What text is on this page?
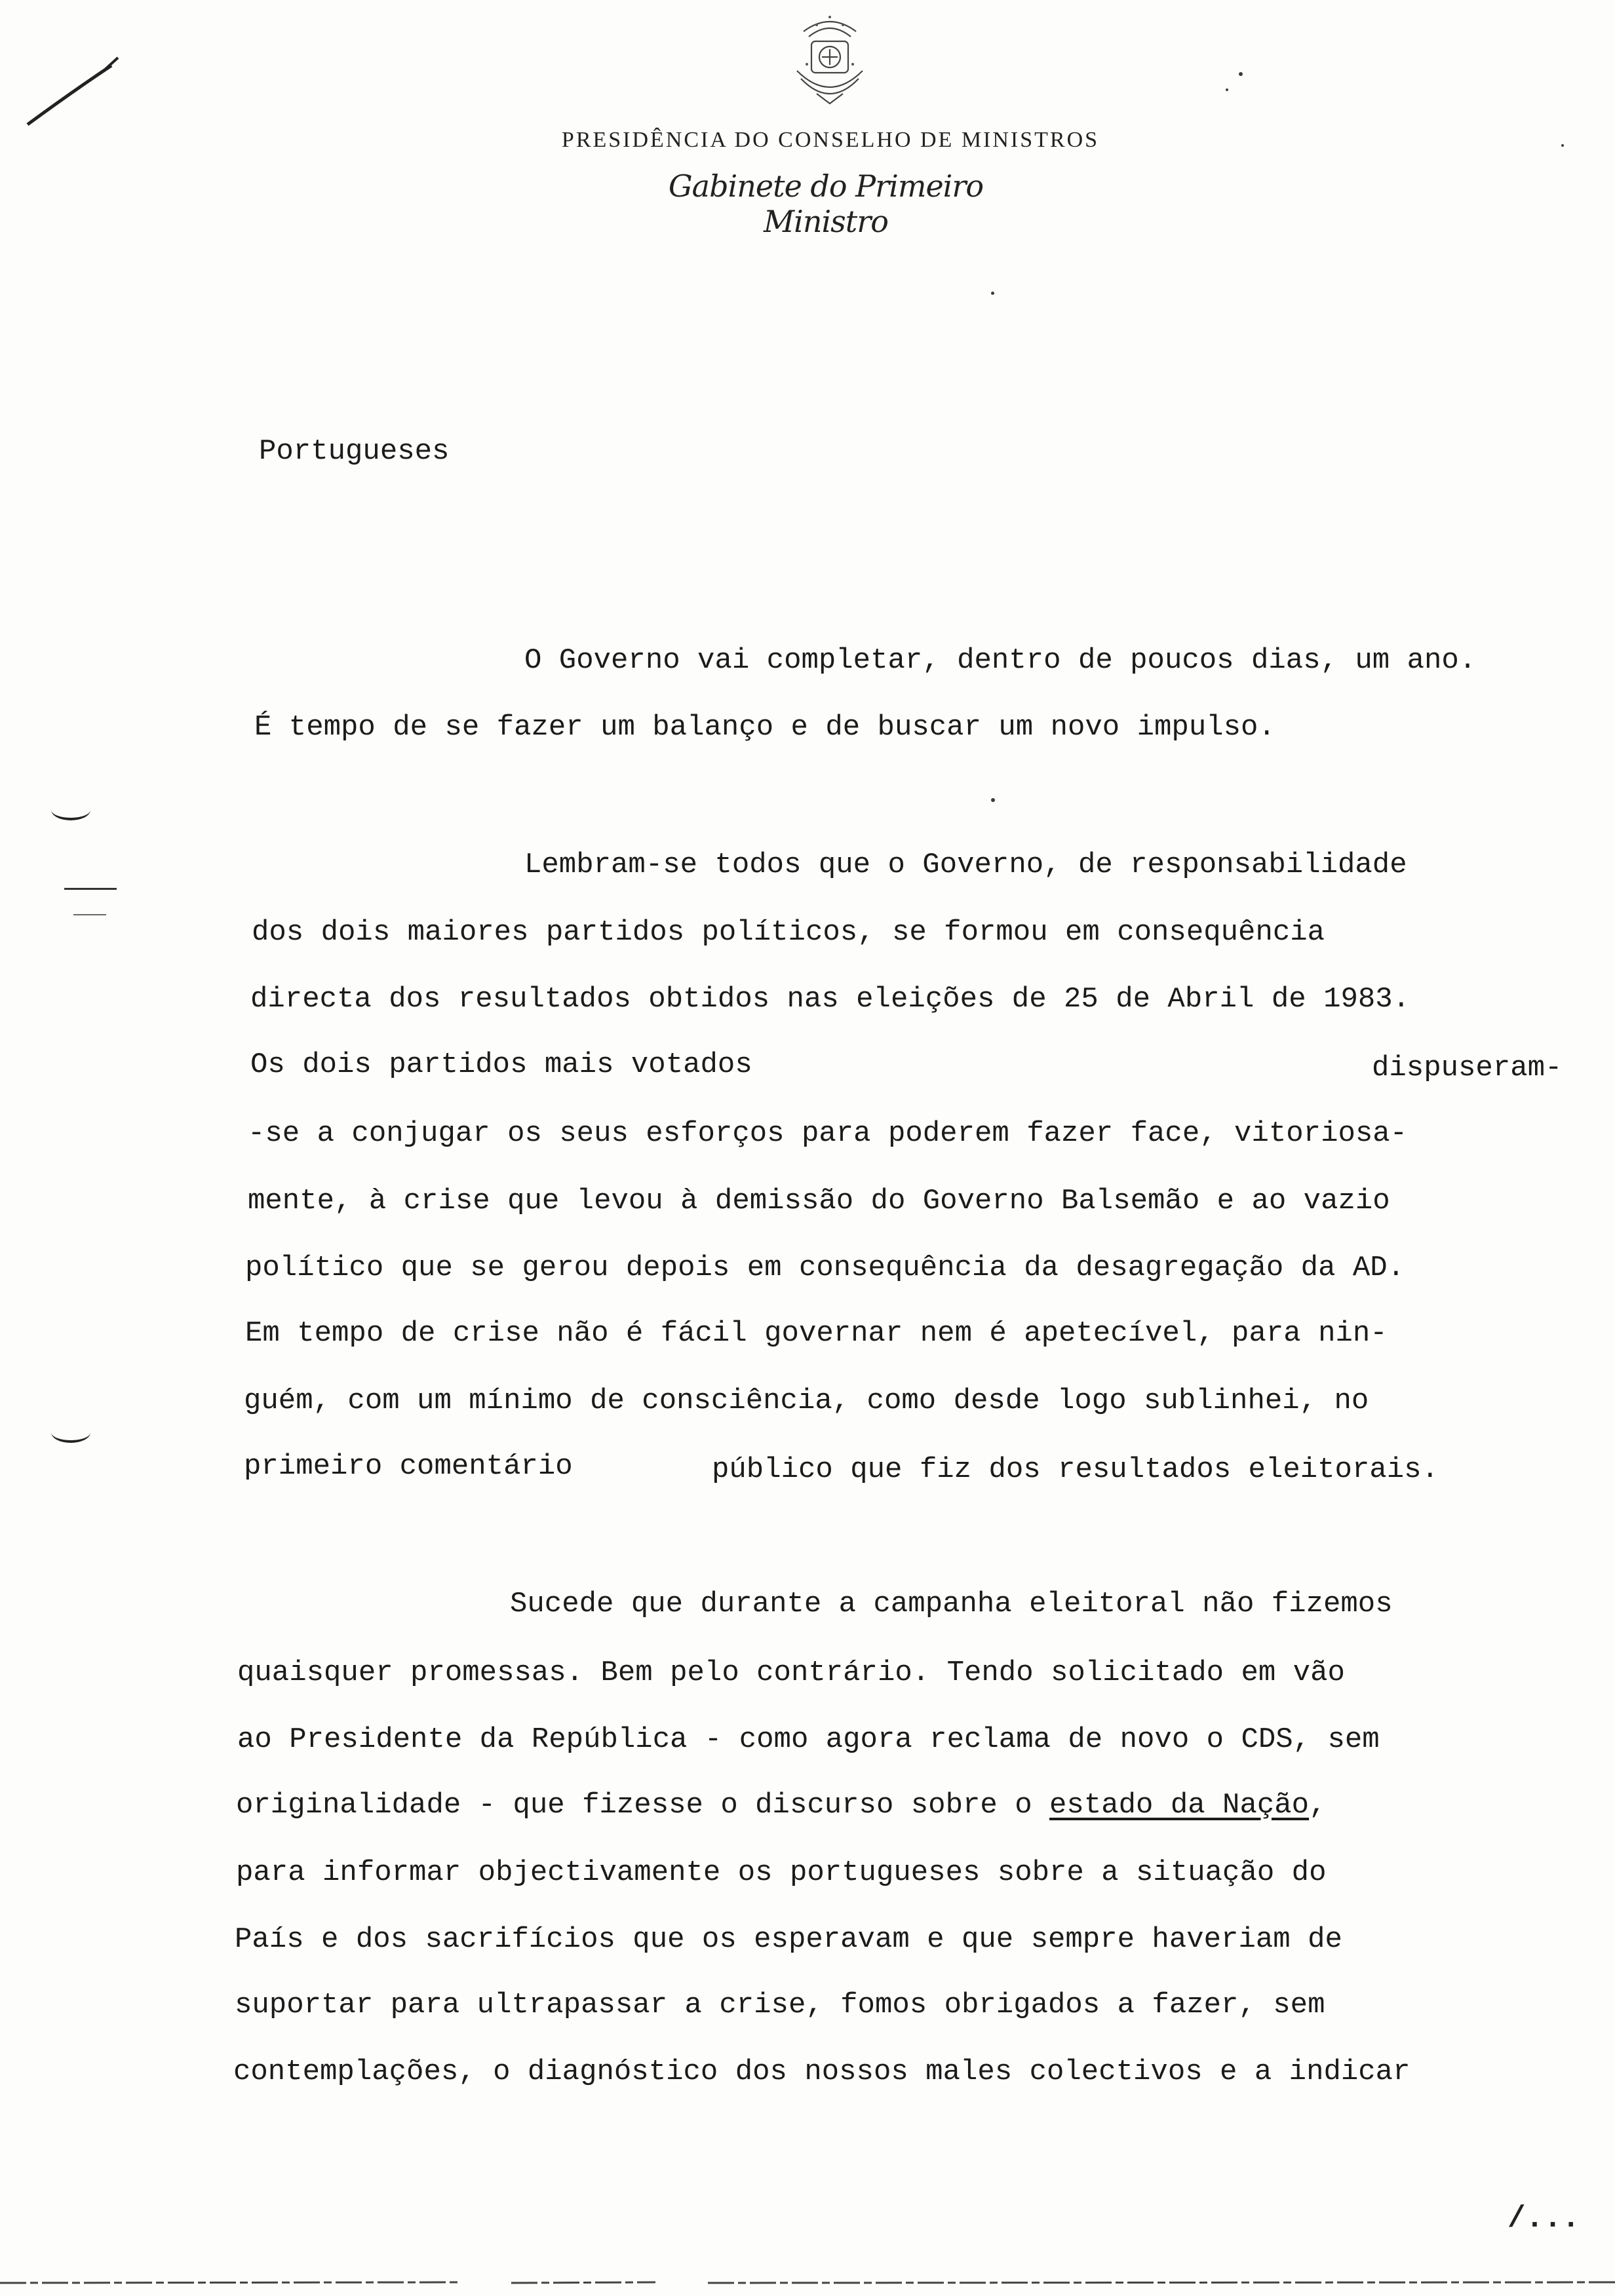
PRESIDÊNCIA DO CONSELHO DE MINISTROS
Gabinete do Primeiro Ministro
Portugueses
O Governo vai completar, dentro de poucos dias, um ano.
É tempo de se fazer um balanço e de buscar um novo impulso.
Lembram-se todos que o Governo, de responsabilidade
dos dois maiores partidos políticos, se formou em consequência
directa dos resultados obtidos nas eleições de 25 de Abril de 1983.
Os dois partidos mais votados	dispuseram-
-se a conjugar os seus esforços para poderem fazer face, vitoriosa-
mente, à crise que levou à demissão do Governo Balsemão e ao vazio
político que se gerou depois em consequência da desagregação da AD.
Em tempo de crise não é fácil governar nem é apetecível, para nin-
guém, com um mínimo de consciência, como desde logo sublinhei, no
primeiro comentário	público que fiz dos resultados eleitorais.
Sucede que durante a campanha eleitoral não fizemos
quaisquer promessas. Bem pelo contrário. Tendo solicitado em vão
ao Presidente da República - como agora reclama de novo o CDS, sem
originalidade - que fizesse o discurso sobre o estado da Nação,
para informar objectivamente os portugueses sobre a situação do
País e dos sacrifícios que os esperavam e que sempre haveriam de
suportar para ultrapassar a crise, fomos obrigados a fazer, sem
contemplações, o diagnóstico dos nossos males colectivos e a indicar
/...
